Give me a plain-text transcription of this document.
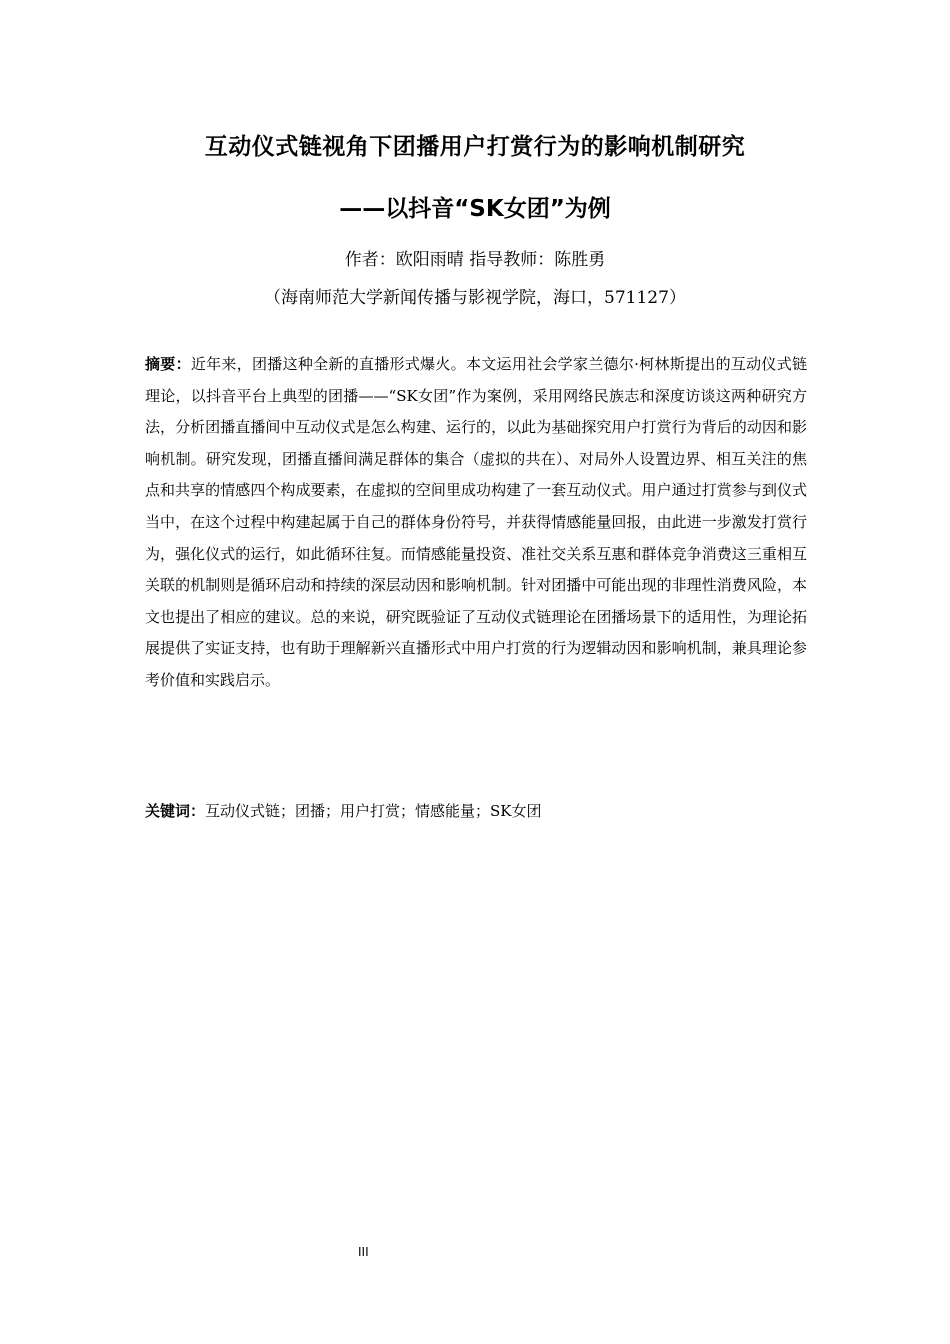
互动仪式链视角下团播用户打赏行为的影响机制研究
——以抖音“SK女团”为例
作者：欧阳雨晴 指导教师：陈胜勇
（海南师范大学新闻传播与影视学院，海口，571127）

摘要：近年来，团播这种全新的直播形式爆火。本文运用社会学家兰德尔·柯林斯提出的互动仪式链理论，以抖音平台上典型的团播——“SK女团”作为案例，采用网络民族志和深度访谈这两种研究方法，分析团播直播间中互动仪式是怎么构建、运行的，以此为基础探究用户打赏行为背后的动因和影响机制。研究发现，团播直播间满足群体的集合（虚拟的共在）、对局外人设置边界、相互关注的焦点和共享的情感四个构成要素，在虚拟的空间里成功构建了一套互动仪式。用户通过打赏参与到仪式当中，在这个过程中构建起属于自己的群体身份符号，并获得情感能量回报，由此进一步激发打赏行为，强化仪式的运行，如此循环往复。而情感能量投资、准社交关系互惠和群体竞争消费这三重相互关联的机制则是循环启动和持续的深层动因和影响机制。针对团播中可能出现的非理性消费风险，本文也提出了相应的建议。总的来说，研究既验证了互动仪式链理论在团播场景下的适用性，为理论拓展提供了实证支持，也有助于理解新兴直播形式中用户打赏的行为逻辑动因和影响机制，兼具理论参考价值和实践启示。

关键词：互动仪式链；团播；用户打赏；情感能量；SK女团

III
